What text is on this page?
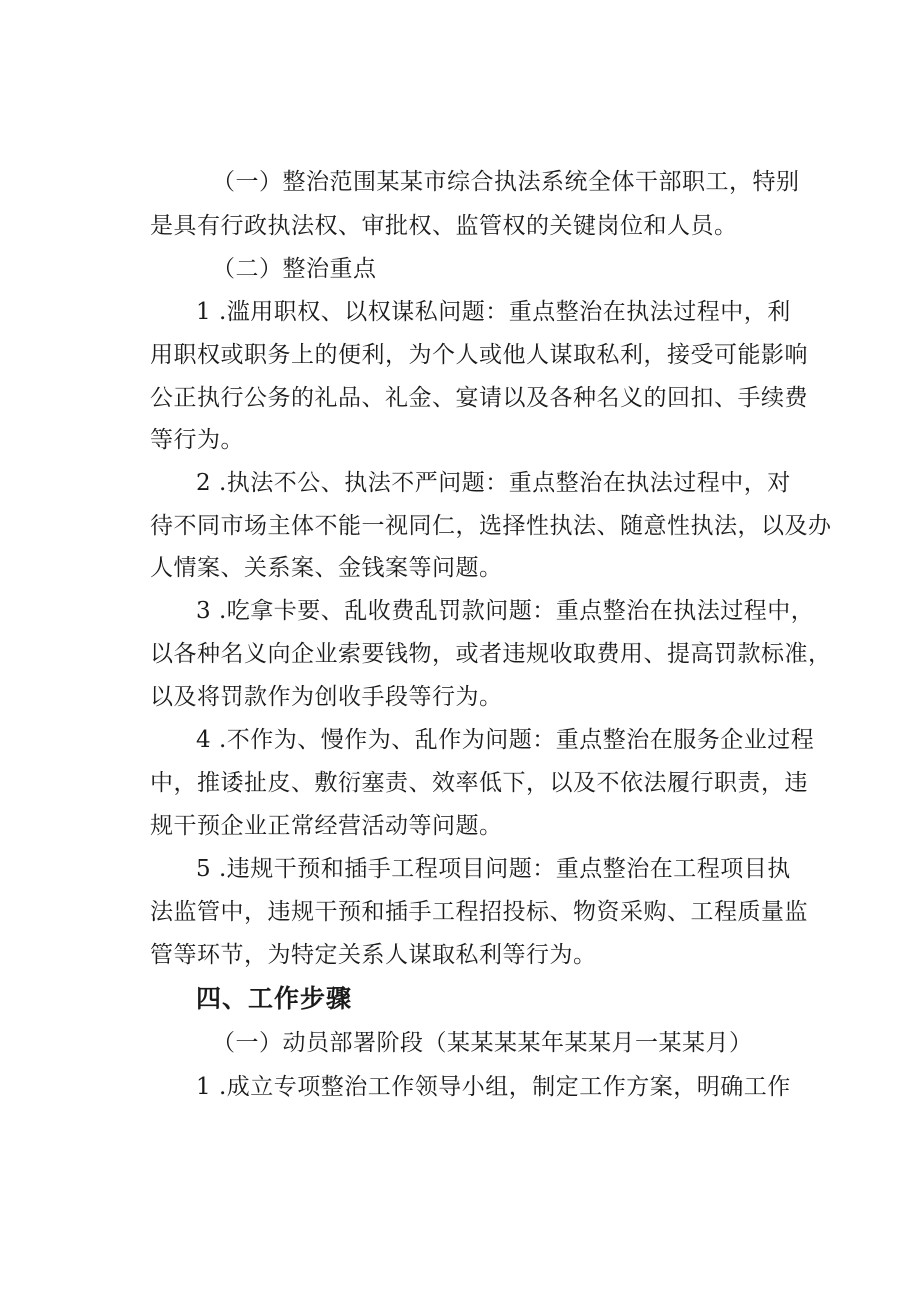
（一）整治范围某某市综合执法系统全体干部职工，特别

是具有行政执法权、审批权、监管权的关键岗位和人员。

（二）整治重点

1 .滥用职权、以权谋私问题：重点整治在执法过程中，利

用职权或职务上的便利，为个人或他人谋取私利，接受可能影响

公正执行公务的礼品、礼金、宴请以及各种名义的回扣、手续费

等行为。

2 .执法不公、执法不严问题：重点整治在执法过程中，对

待不同市场主体不能一视同仁，选择性执法、随意性执法，以及办

人情案、关系案、金钱案等问题。

3 .吃拿卡要、乱收费乱罚款问题：重点整治在执法过程中，

以各种名义向企业索要钱物，或者违规收取费用、提高罚款标准，

以及将罚款作为创收手段等行为。

4 .不作为、慢作为、乱作为问题：重点整治在服务企业过程

中，推诿扯皮、敷衍塞责、效率低下，以及不依法履行职责，违

规干预企业正常经营活动等问题。

5 .违规干预和插手工程项目问题：重点整治在工程项目执

法监管中，违规干预和插手工程招投标、物资采购、工程质量监

管等环节，为特定关系人谋取私利等行为。

四、工作步骤

（一）动员部署阶段（某某某某年某某月一某某月）

1 .成立专项整治工作领导小组，制定工作方案，明确工作
